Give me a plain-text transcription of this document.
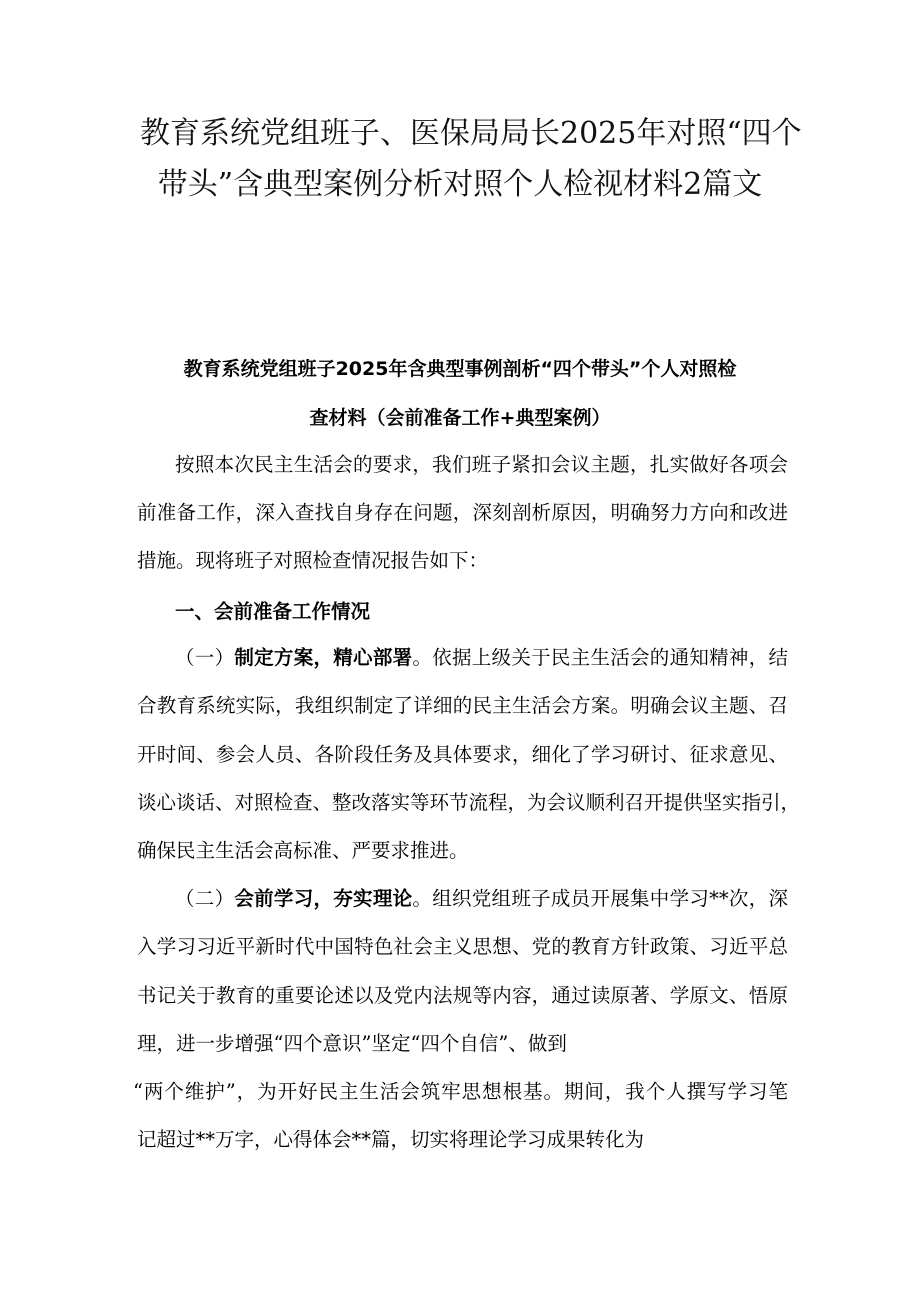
教育系统党组班子、医保局局长2025年对照“四个
带头”含典型案例分析对照个人检视材料2篇文
教育系统党组班子2025年含典型事例剖析“四个带头”个人对照检
查材料（会前准备工作+典型案例）

按照本次民主生活会的要求，我们班子紧扣会议主题，扎实做好各项会

前准备工作，深入查找自身存在问题，深刻剖析原因，明确努力方向和改进

措施。现将班子对照检查情况报告如下：

一、会前准备工作情况

（一）制定方案，精心部署。依据上级关于民主生活会的通知精神，结

合教育系统实际，我组织制定了详细的民主生活会方案。明确会议主题、召

开时间、参会人员、各阶段任务及具体要求，细化了学习研讨、征求意见、

谈心谈话、对照检查、整改落实等环节流程，为会议顺利召开提供坚实指引，

确保民主生活会高标准、严要求推进。

（二）会前学习，夯实理论。组织党组班子成员开展集中学习**次，深

入学习习近平新时代中国特色社会主义思想、党的教育方针政策、习近平总

书记关于教育的重要论述以及党内法规等内容，通过读原著、学原文、悟原

理，进一步增强“四个意识”坚定“四个自信”、做到

“两个维护”，为开好民主生活会筑牢思想根基。期间，我个人撰写学习笔

记超过**万字，心得体会**篇，切实将理论学习成果转化为
